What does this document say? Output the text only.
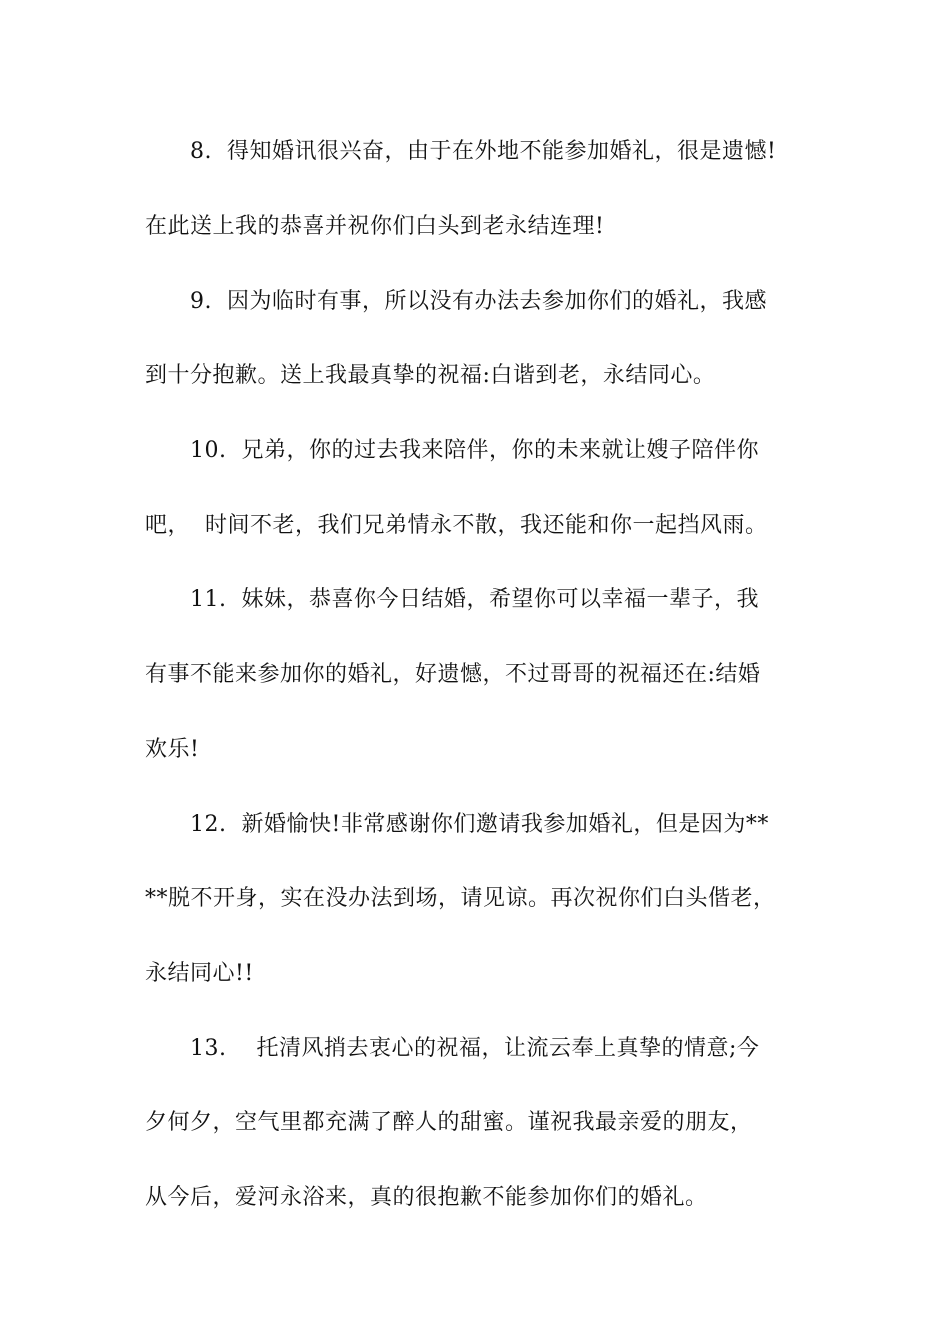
8.  得知婚讯很兴奋，由于在外地不能参加婚礼，很是遗憾!
在此送上我的恭喜并祝你们白头到老永结连理!
9.  因为临时有事，所以没有办法去参加你们的婚礼，我感
到十分抱歉。送上我最真挚的祝福:白谐到老，永结同心。
10.  兄弟，你的过去我来陪伴，你的未来就让嫂子陪伴你
吧，  时间不老，我们兄弟情永不散，我还能和你一起挡风雨。
11.  妹妹，恭喜你今日结婚，希望你可以幸福一辈子，我
有事不能来参加你的婚礼，好遗憾，不过哥哥的祝福还在:结婚
欢乐!
12.  新婚愉快!非常感谢你们邀请我参加婚礼，但是因为**
**脱不开身，实在没办法到场，请见谅。再次祝你们白头偕老，
永结同心!!
13.    托清风捎去衷心的祝福，让流云奉上真挚的情意;今
夕何夕，空气里都充满了醉人的甜蜜。谨祝我最亲爱的朋友，
从今后，爱河永浴来，真的很抱歉不能参加你们的婚礼。
